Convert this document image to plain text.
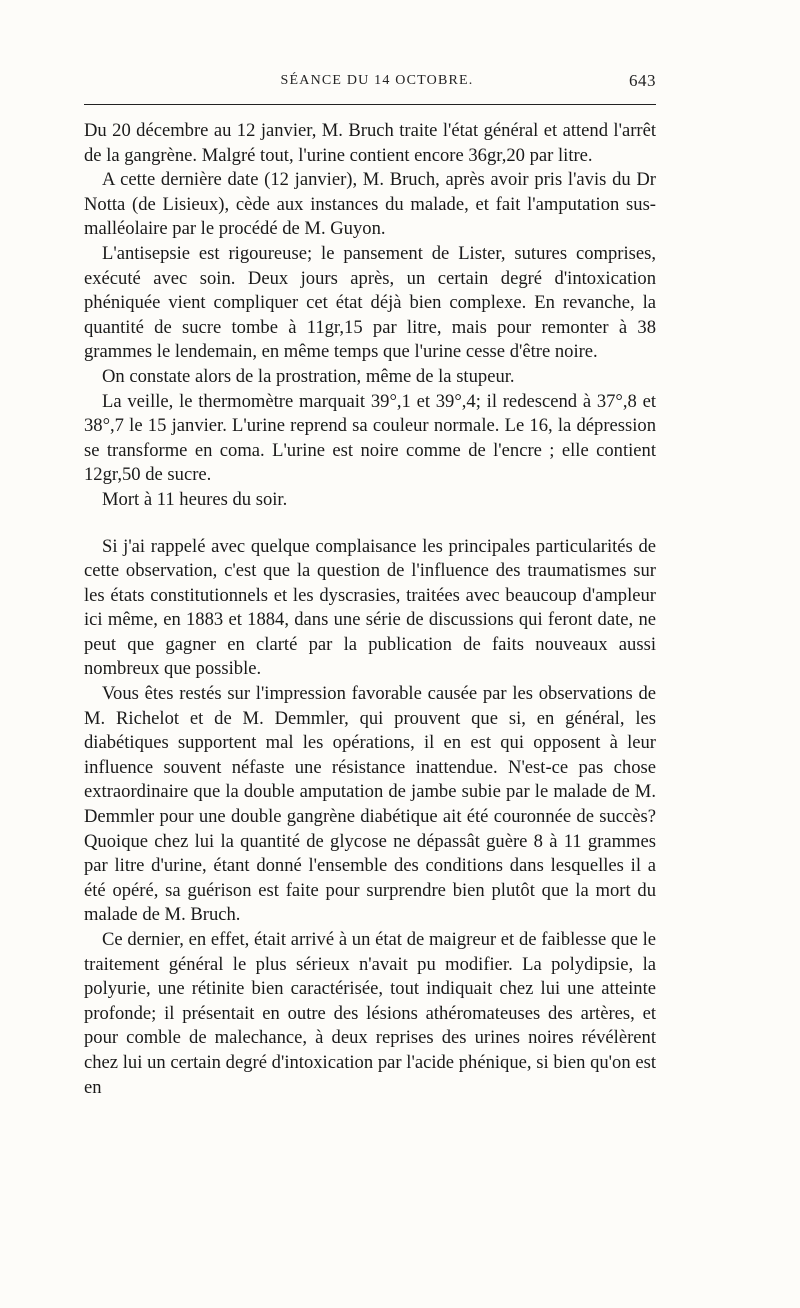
SÉANCE DU 14 OCTOBRE.	643

Du 20 décembre au 12 janvier, M. Bruch traite l'état général et attend l'arrêt de la gangrène. Malgré tout, l'urine contient encore 36gr,20 par litre.

A cette dernière date (12 janvier), M. Bruch, après avoir pris l'avis du Dr Notta (de Lisieux), cède aux instances du malade, et fait l'amputation sus-malléolaire par le procédé de M. Guyon.

L'antisepsie est rigoureuse; le pansement de Lister, sutures comprises, exécuté avec soin. Deux jours après, un certain degré d'intoxication phéniquée vient compliquer cet état déjà bien complexe. En revanche, la quantité de sucre tombe à 11gr,15 par litre, mais pour remonter à 38 grammes le lendemain, en même temps que l'urine cesse d'être noire.

On constate alors de la prostration, même de la stupeur.

La veille, le thermomètre marquait 39°,1 et 39°,4; il redescend à 37°,8 et 38°,7 le 15 janvier. L'urine reprend sa couleur normale. Le 16, la dépression se transforme en coma. L'urine est noire comme de l'encre ; elle contient 12gr,50 de sucre.

Mort à 11 heures du soir.

Si j'ai rappelé avec quelque complaisance les principales particularités de cette observation, c'est que la question de l'influence des traumatismes sur les états constitutionnels et les dyscrasies, traitées avec beaucoup d'ampleur ici même, en 1883 et 1884, dans une série de discussions qui feront date, ne peut que gagner en clarté par la publication de faits nouveaux aussi nombreux que possible.

Vous êtes restés sur l'impression favorable causée par les observations de M. Richelot et de M. Demmler, qui prouvent que si, en général, les diabétiques supportent mal les opérations, il en est qui opposent à leur influence souvent néfaste une résistance inattendue. N'est-ce pas chose extraordinaire que la double amputation de jambe subie par le malade de M. Demmler pour une double gangrène diabétique ait été couronnée de succès? Quoique chez lui la quantité de glycose ne dépassât guère 8 à 11 grammes par litre d'urine, étant donné l'ensemble des conditions dans lesquelles il a été opéré, sa guérison est faite pour surprendre bien plutôt que la mort du malade de M. Bruch.

Ce dernier, en effet, était arrivé à un état de maigreur et de faiblesse que le traitement général le plus sérieux n'avait pu modifier. La polydipsie, la polyurie, une rétinite bien caractérisée, tout indiquait chez lui une atteinte profonde; il présentait en outre des lésions athéromateuses des artères, et pour comble de malechance, à deux reprises des urines noires révélèrent chez lui un certain degré d'intoxication par l'acide phénique, si bien qu'on est en
